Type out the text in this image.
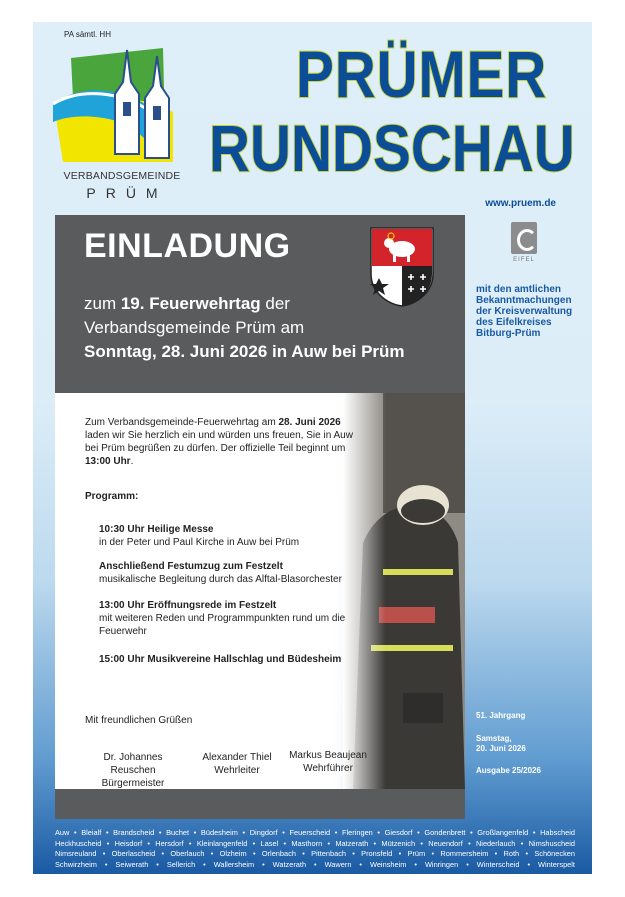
PA sämtl. HH
VERBANDSGEMEINDE
PRÜM
PRÜMER
RUNDSCHAU
www.pruem.de
EIFEL
mit den amtlichen Bekanntmachungen der Kreisverwaltung des Eifelkreises Bitburg-Prüm
EINLADUNG
zum 19. Feuerwehrtag der
Verbandsgemeinde Prüm am
Sonntag, 28. Juni 2026 in Auw bei Prüm
Zum Verbandsgemeinde-Feuerwehrtag am 28. Juni 2026 laden wir Sie herzlich ein und würden uns freuen, Sie in Auw bei Prüm begrüßen zu dürfen. Der offizielle Teil beginnt um 13:00 Uhr.
Programm:
10:30 Uhr Heilige Messe
in der Peter und Paul Kirche in Auw bei Prüm
Anschließend Festumzug zum Festzelt
musikalische Begleitung durch das Alftal-Blasorchester
13:00 Uhr Eröffnungsrede im Festzelt
mit weiteren Reden und Programmpunkten rund um die Feuerwehr
15:00 Uhr Musikvereine Hallschlag und Büdesheim
Mit freundlichen Grüßen
Dr. Johannes Reuschen
Bürgermeister
Alexander Thiel
Wehrleiter
Markus Beaujean
Wehrführer
51. Jahrgang
Samstag,
20. Juni 2026
Ausgabe 25/2026
Auw • Bleialf • Brandscheid • Buchet • Büdesheim • Dingdorf • Feuerscheid • Fleringen • Giesdorf • Gondenbrett • Großlangenfeld • Habscheid
Heckhuscheid • Heisdorf • Hersdorf • Kleinlangenfeld • Lasel • Masthorn • Matzerath • Mützenich • Neuendorf • Niederlauch • Nimshuscheid
Nimsreuland • Oberlascheid • Oberlauch • Olzheim • Orlenbach • Pittenbach • Pronsfeld • Prüm • Rommersheim • Roth • Schönecken
Schwirzheim • Seiwerath • Sellerich • Wallersheim • Watzerath • Wawern • Weinsheim • Winringen • Winterscheid • Winterspelt
